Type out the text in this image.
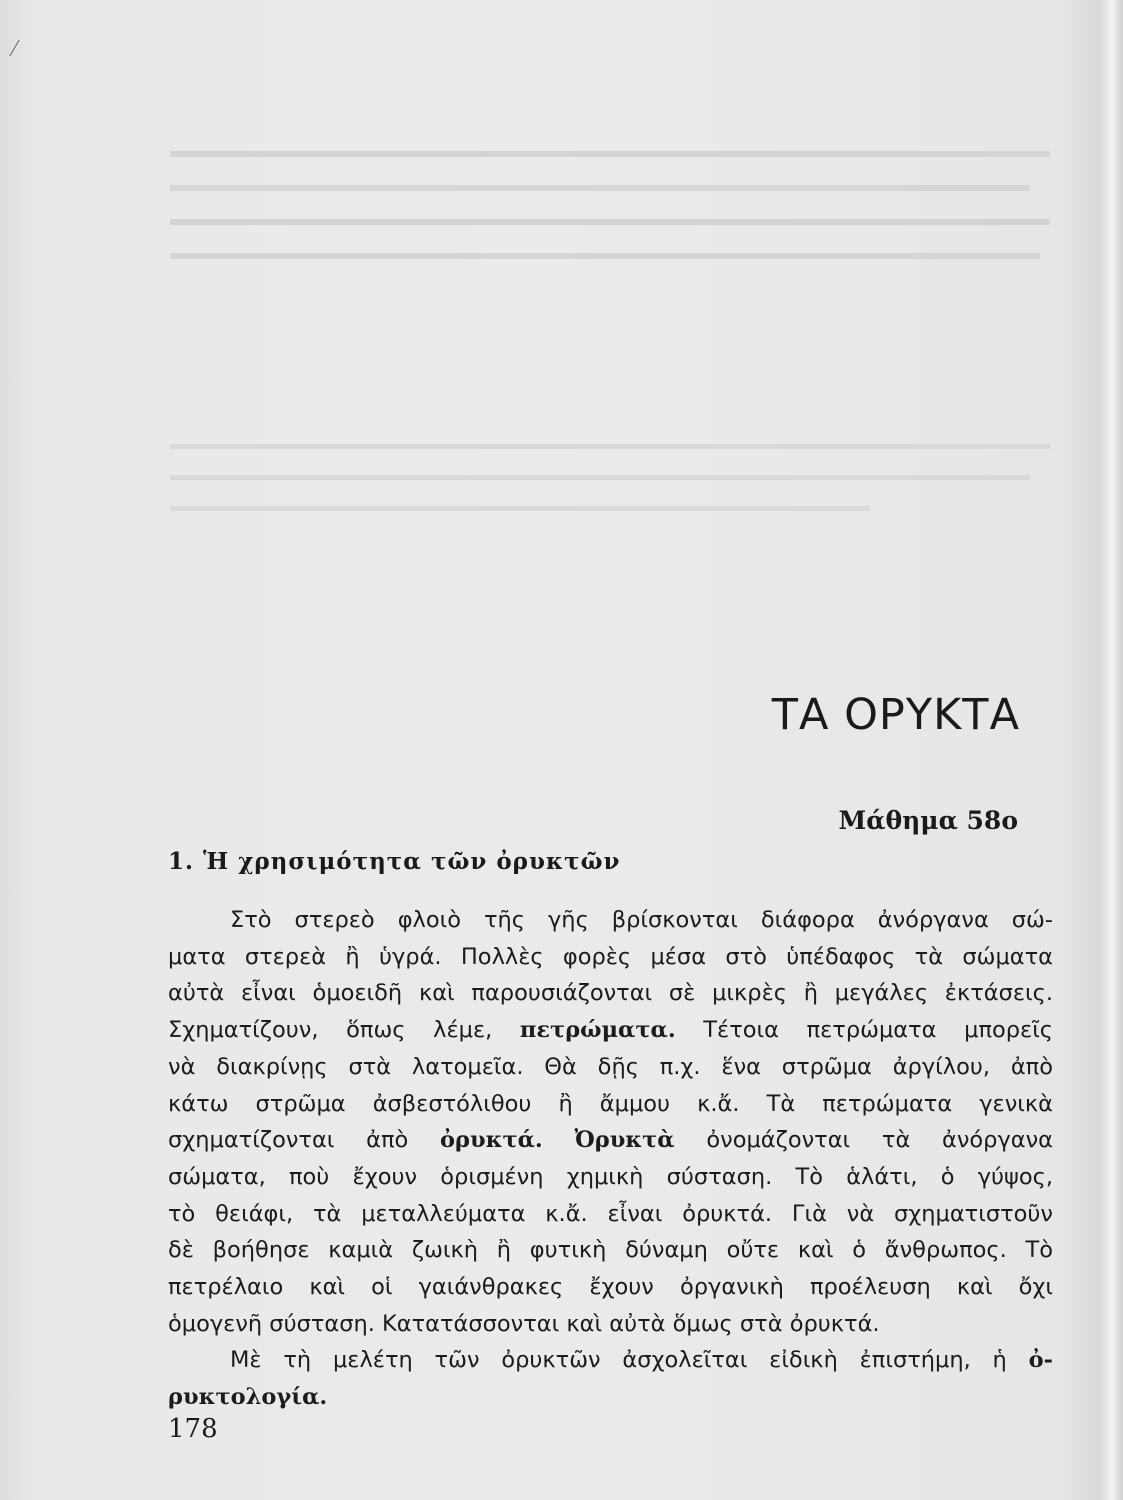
ΤΑ ΟΡΥΚΤΑ
Μάθημα 58ο
1. Ἡ χρησιμότητα τῶν ὀρυκτῶν
Στὸ στερεὸ φλοιὸ τῆς γῆς βρίσκονται διάφορα ἀνόργανα σώ-
ματα στερεὰ ἢ ὑγρά. Πολλὲς φορὲς μέσα στὸ ὑπέδαφος τὰ σώματα
αὐτὰ εἶναι ὁμοειδῆ καὶ παρουσιάζονται σὲ μικρὲς ἢ μεγάλες ἐκτάσεις.
Σχηματίζουν, ὅπως λέμε, πετρώματα. Τέτοια πετρώματα μπορεῖς
νὰ διακρίνῃς στὰ λατομεῖα. Θὰ δῇς π.χ. ἕνα στρῶμα ἀργίλου, ἀπὸ
κάτω στρῶμα ἀσβεστόλιθου ἢ ἄμμου κ.ἄ. Τὰ πετρώματα γενικὰ
σχηματίζονται ἀπὸ ὀρυκτά. Ὀρυκτὰ ὀνομάζονται τὰ ἀνόργανα
σώματα, ποὺ ἔχουν ὁρισμένη χημικὴ σύσταση. Τὸ ἁλάτι, ὁ γύψος,
τὸ θειάφι, τὰ μεταλλεύματα κ.ἄ. εἶναι ὀρυκτά. Γιὰ νὰ σχηματιστοῦν
δὲ βοήθησε καμιὰ ζωικὴ ἢ φυτικὴ δύναμη οὔτε καὶ ὁ ἄνθρωπος. Τὸ
πετρέλαιο καὶ οἱ γαιάνθρακες ἔχουν ὀργανικὴ προέλευση καὶ ὄχι
ὁμογενῆ σύσταση. Κατατάσσονται καὶ αὐτὰ ὅμως στὰ ὀρυκτά.
Μὲ τὴ μελέτη τῶν ὀρυκτῶν ἀσχολεῖται εἰδικὴ ἐπιστήμη, ἡ ὀ-
ρυκτολογία.
178
